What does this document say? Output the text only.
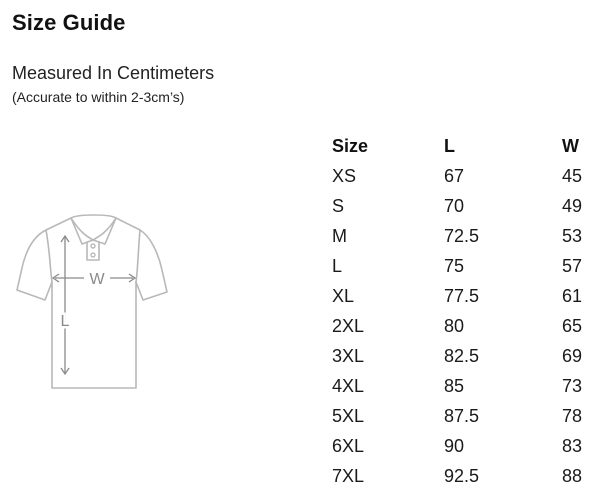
Size Guide
Measured In Centimeters
(Accurate to within 2-3cm’s)
W
L
Size	L	W
XS	67	45
S	70	49
M	72.5	53
L	75	57
XL	77.5	61
2XL	80	65
3XL	82.5	69
4XL	85	73
5XL	87.5	78
6XL	90	83
7XL	92.5	88
